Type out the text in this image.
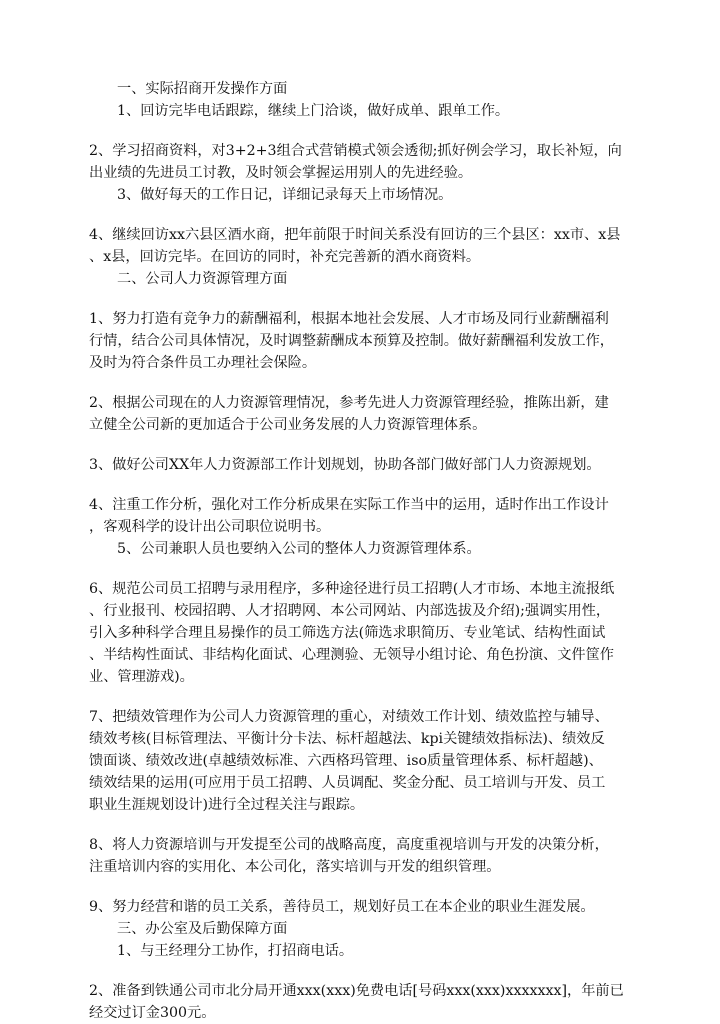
一、实际招商开发操作方面
1、回访完毕电话跟踪，继续上门洽谈，做好成单、跟单工作。
2、学习招商资料，对3+2+3组合式营销模式领会透彻;抓好例会学习，取长补短，向
出业绩的先进员工讨教，及时领会掌握运用别人的先进经验。
3、做好每天的工作日记，详细记录每天上市场情况。
4、继续回访xx六县区酒水商，把年前限于时间关系没有回访的三个县区：xx市、x县
、x县，回访完毕。在回访的同时，补充完善新的酒水商资料。
二、公司人力资源管理方面
1、努力打造有竞争力的薪酬福利，根据本地社会发展、人才市场及同行业薪酬福利
行情，结合公司具体情况，及时调整薪酬成本预算及控制。做好薪酬福利发放工作，
及时为符合条件员工办理社会保险。
2、根据公司现在的人力资源管理情况，参考先进人力资源管理经验，推陈出新，建
立健全公司新的更加适合于公司业务发展的人力资源管理体系。
3、做好公司XX年人力资源部工作计划规划，协助各部门做好部门人力资源规划。
4、注重工作分析，强化对工作分析成果在实际工作当中的运用，适时作出工作设计
，客观科学的设计出公司职位说明书。
5、公司兼职人员也要纳入公司的整体人力资源管理体系。
6、规范公司员工招聘与录用程序，多种途径进行员工招聘(人才市场、本地主流报纸
、行业报刊、校园招聘、人才招聘网、本公司网站、内部选拔及介绍);强调实用性，
引入多种科学合理且易操作的员工筛选方法(筛选求职简历、专业笔试、结构性面试
、半结构性面试、非结构化面试、心理测验、无领导小组讨论、角色扮演、文件筐作
业、管理游戏)。
7、把绩效管理作为公司人力资源管理的重心，对绩效工作计划、绩效监控与辅导、
绩效考核(目标管理法、平衡计分卡法、标杆超越法、kpi关键绩效指标法)、绩效反
馈面谈、绩效改进(卓越绩效标准、六西格玛管理、iso质量管理体系、标杆超越)、
绩效结果的运用(可应用于员工招聘、人员调配、奖金分配、员工培训与开发、员工
职业生涯规划设计)进行全过程关注与跟踪。
8、将人力资源培训与开发提至公司的战略高度，高度重视培训与开发的决策分析，
注重培训内容的实用化、本公司化，落实培训与开发的组织管理。
9、努力经营和谐的员工关系，善待员工，规划好员工在本企业的职业生涯发展。
三、办公室及后勤保障方面
1、与王经理分工协作，打招商电话。
2、准备到铁通公司市北分局开通xxx(xxx)免费电话[号码xxx(xxx)xxxxxxx]，年前已
经交过订金300元。
